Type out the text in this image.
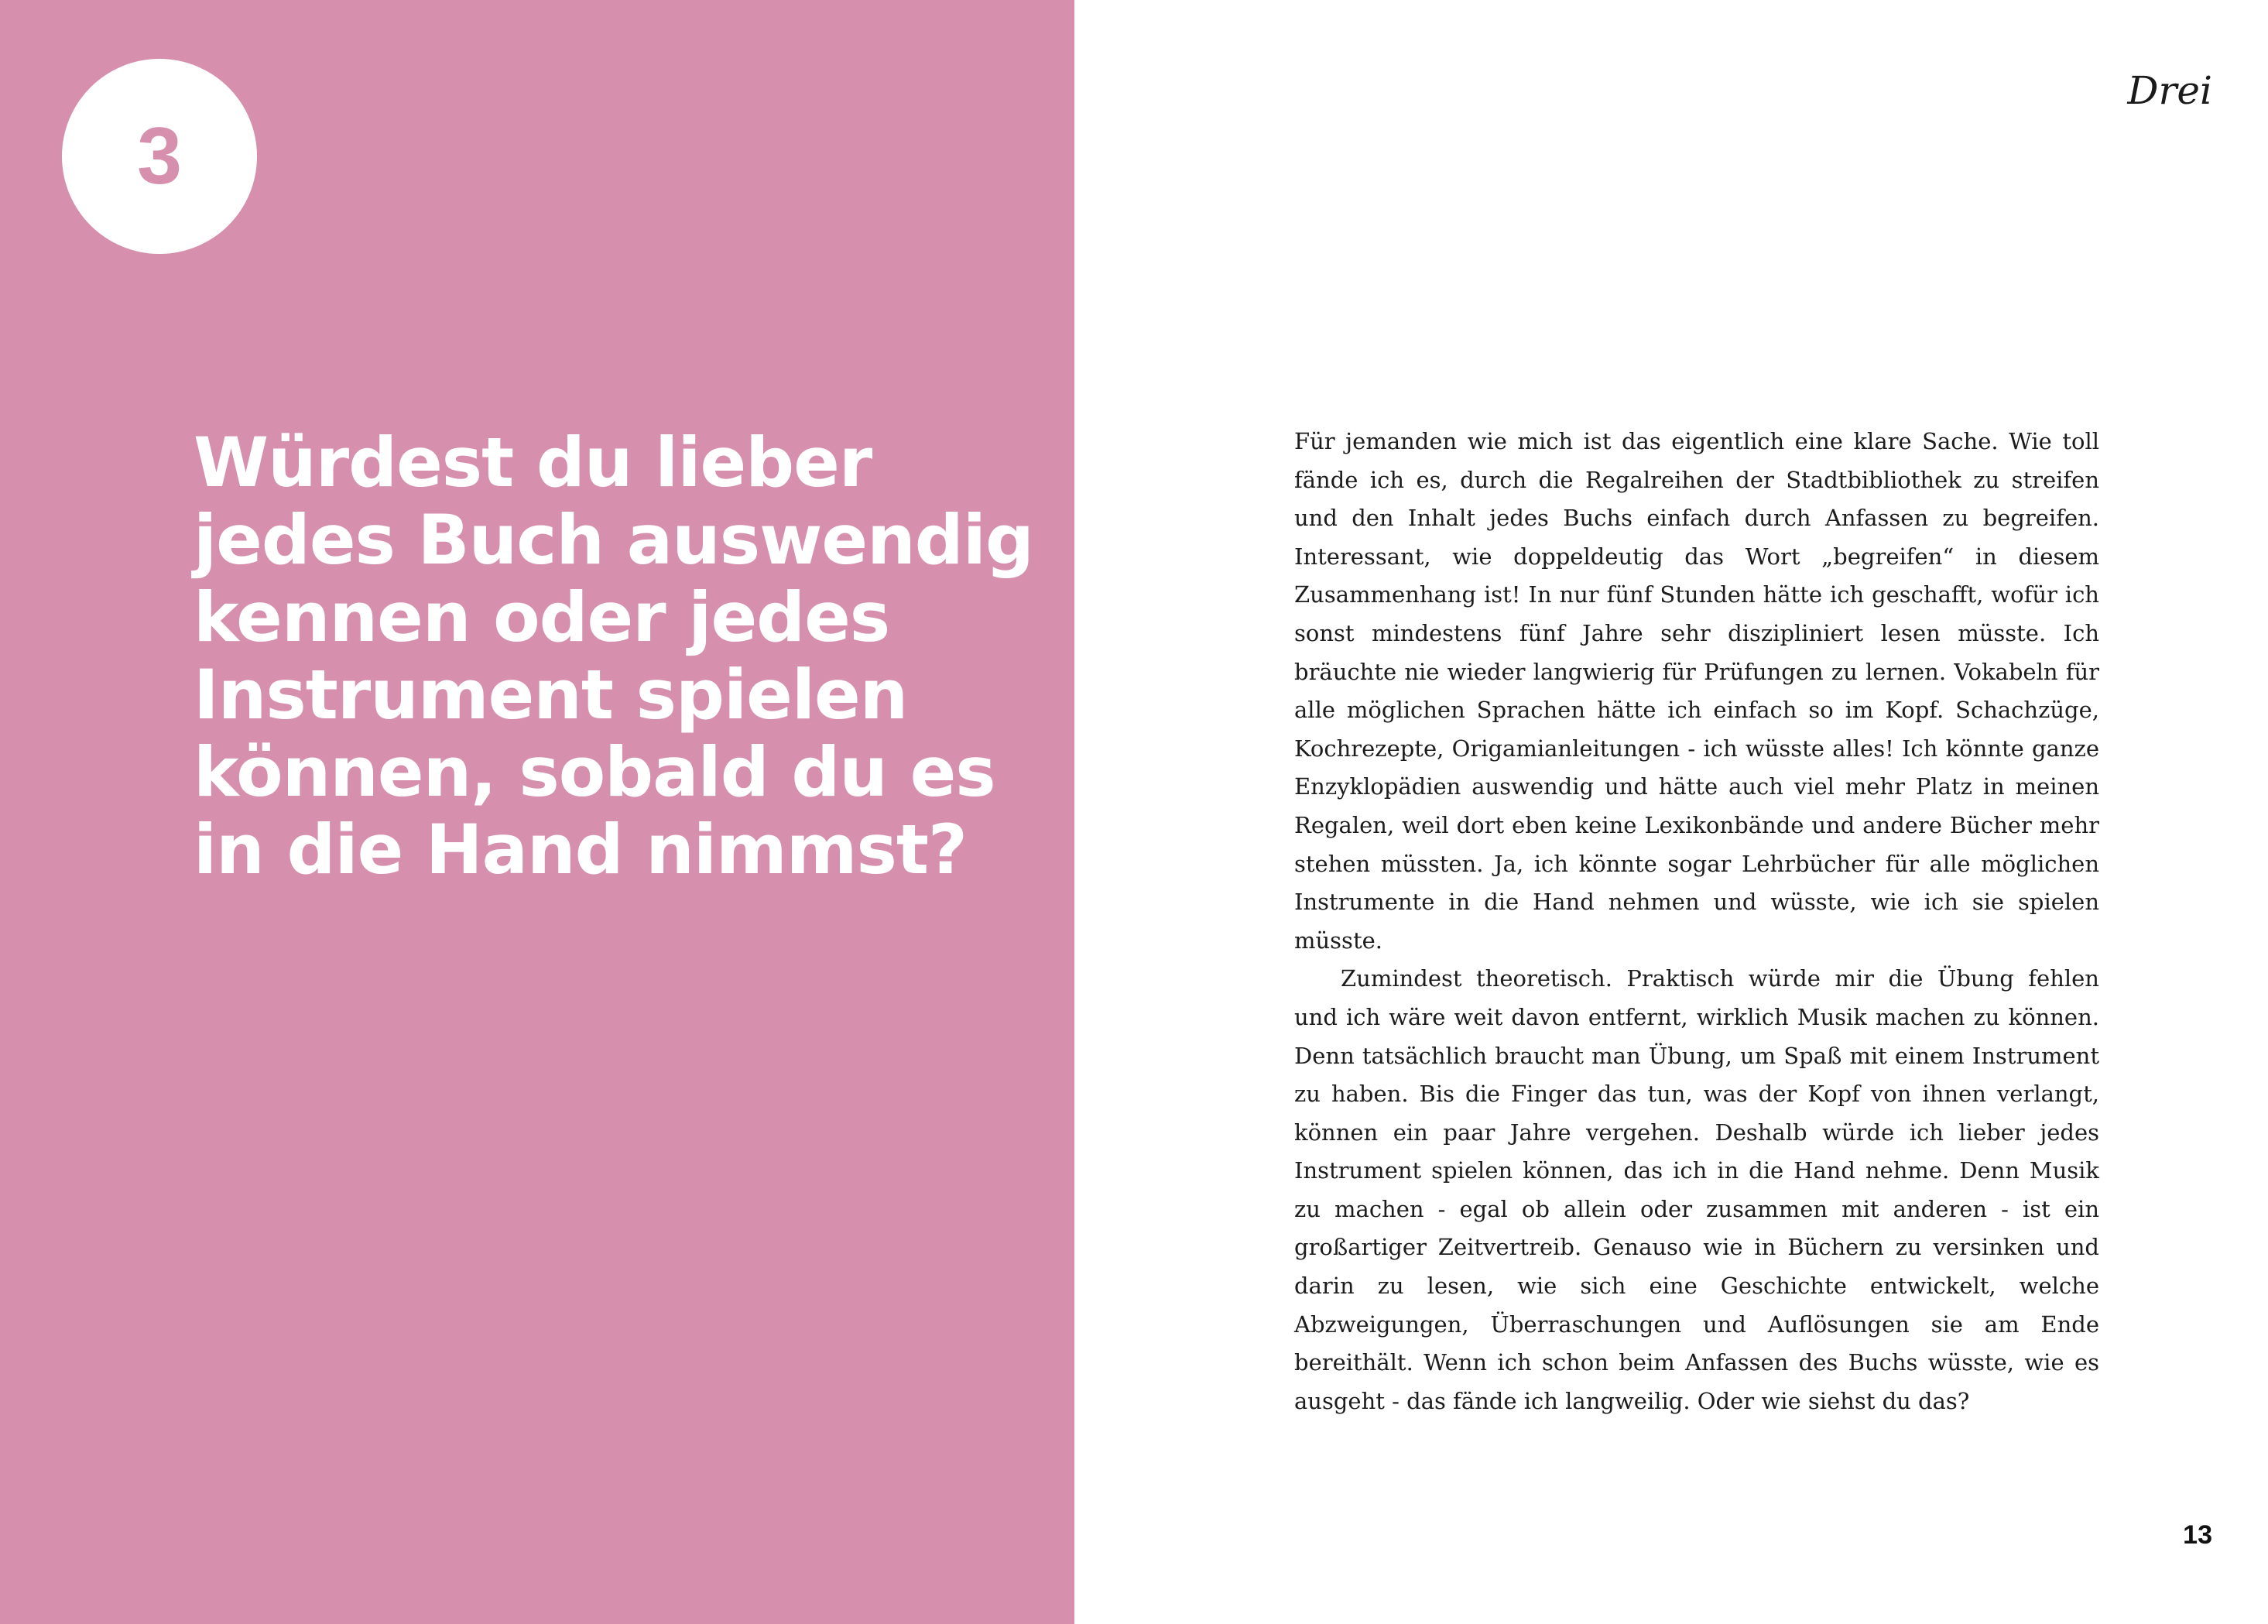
3
Würdest du lieber
jedes Buch auswendig
kennen oder jedes
Instrument spielen
können, sobald du es
in die Hand nimmst?
Drei

Für jemanden wie mich ist das eigentlich eine klare Sache. Wie toll fände ich es, durch die Regalreihen der Stadtbibliothek zu streifen und den Inhalt jedes Buchs einfach durch Anfassen zu begreifen. Interessant, wie doppeldeutig das Wort „begreifen“ in diesem Zusammenhang ist! In nur fünf Stunden hätte ich geschafft, wofür ich sonst mindestens fünf Jahre sehr diszipliniert lesen müsste. Ich bräuchte nie wieder langwierig für Prüfungen zu lernen. Vokabeln für alle möglichen Sprachen hätte ich einfach so im Kopf. Schachzüge, Kochrezepte, Origamianleitungen - ich wüsste alles! Ich könnte ganze Enzyklopädien auswendig und hätte auch viel mehr Platz in meinen Regalen, weil dort eben keine Lexikonbände und andere Bücher mehr stehen müssten. Ja, ich könnte sogar Lehrbücher für alle möglichen Instrumente in die Hand nehmen und wüsste, wie ich sie spielen müsste.

Zumindest theoretisch. Praktisch würde mir die Übung fehlen und ich wäre weit davon entfernt, wirklich Musik machen zu können. Denn tatsächlich braucht man Übung, um Spaß mit einem Instrument zu haben. Bis die Finger das tun, was der Kopf von ihnen verlangt, können ein paar Jahre vergehen. Deshalb würde ich lieber jedes Instrument spielen können, das ich in die Hand nehme. Denn Musik zu machen - egal ob allein oder zusammen mit anderen - ist ein großartiger Zeitvertreib. Genauso wie in Büchern zu versinken und darin zu lesen, wie sich eine Geschichte entwickelt, welche Abzweigungen, Überraschungen und Auflösungen sie am Ende bereithält. Wenn ich schon beim Anfassen des Buchs wüsste, wie es ausgeht - das fände ich langweilig. Oder wie siehst du das?

13
